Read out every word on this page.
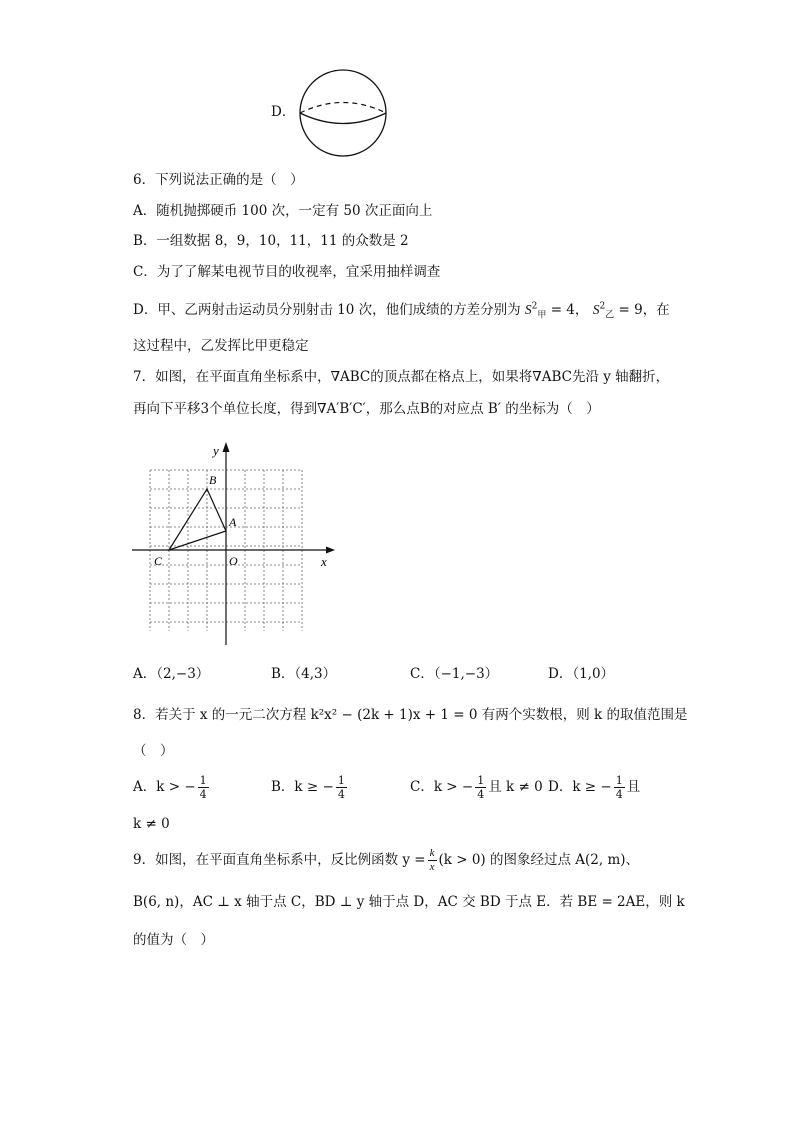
D．
6．下列说法正确的是（　）
A．随机抛掷硬币 100 次，一定有 50 次正面向上
B．一组数据 8，9，10，11，11 的众数是 2
C．为了了解某电视节目的收视率，宜采用抽样调查
D．甲、乙两射击运动员分别射击 10 次，他们成绩的方差分别为 $S^2_甲 = 4$， $S^2_乙 = 9$，在
这过程中，乙发挥比甲更稳定
7．如图，在平面直角坐标系中，∇ABC的顶点都在格点上，如果将∇ABC先沿 y 轴翻折，
再向下平移3个单位长度，得到∇A′B′C′，那么点B的对应点 B′ 的坐标为（　）
y
x
B
A
C	O
A．（2,−3）	B．（4,3）	C．（−1,−3）	D．（1,0）
8．若关于 x 的一元二次方程 k²x² − (2k + 1)x + 1 = 0 有两个实数根，则 k 的取值范围是
（　）
A．k > − $\frac{1}{4}$	B．k ≥ − $\frac{1}{4}$	C．k > − $\frac{1}{4}$ 且 k ≠ 0 D．k ≥ − $\frac{1}{4}$ 且
k ≠ 0
9．如图，在平面直角坐标系中，反比例函数 $y = \frac{k}{x} (k > 0)$ 的图象经过点 A(2, m)、
B(6, n)，AC ⊥ x 轴于点 C，BD ⊥ y 轴于点 D，AC 交 BD 于点 E．若 BE = 2AE，则 k
的值为（　）
